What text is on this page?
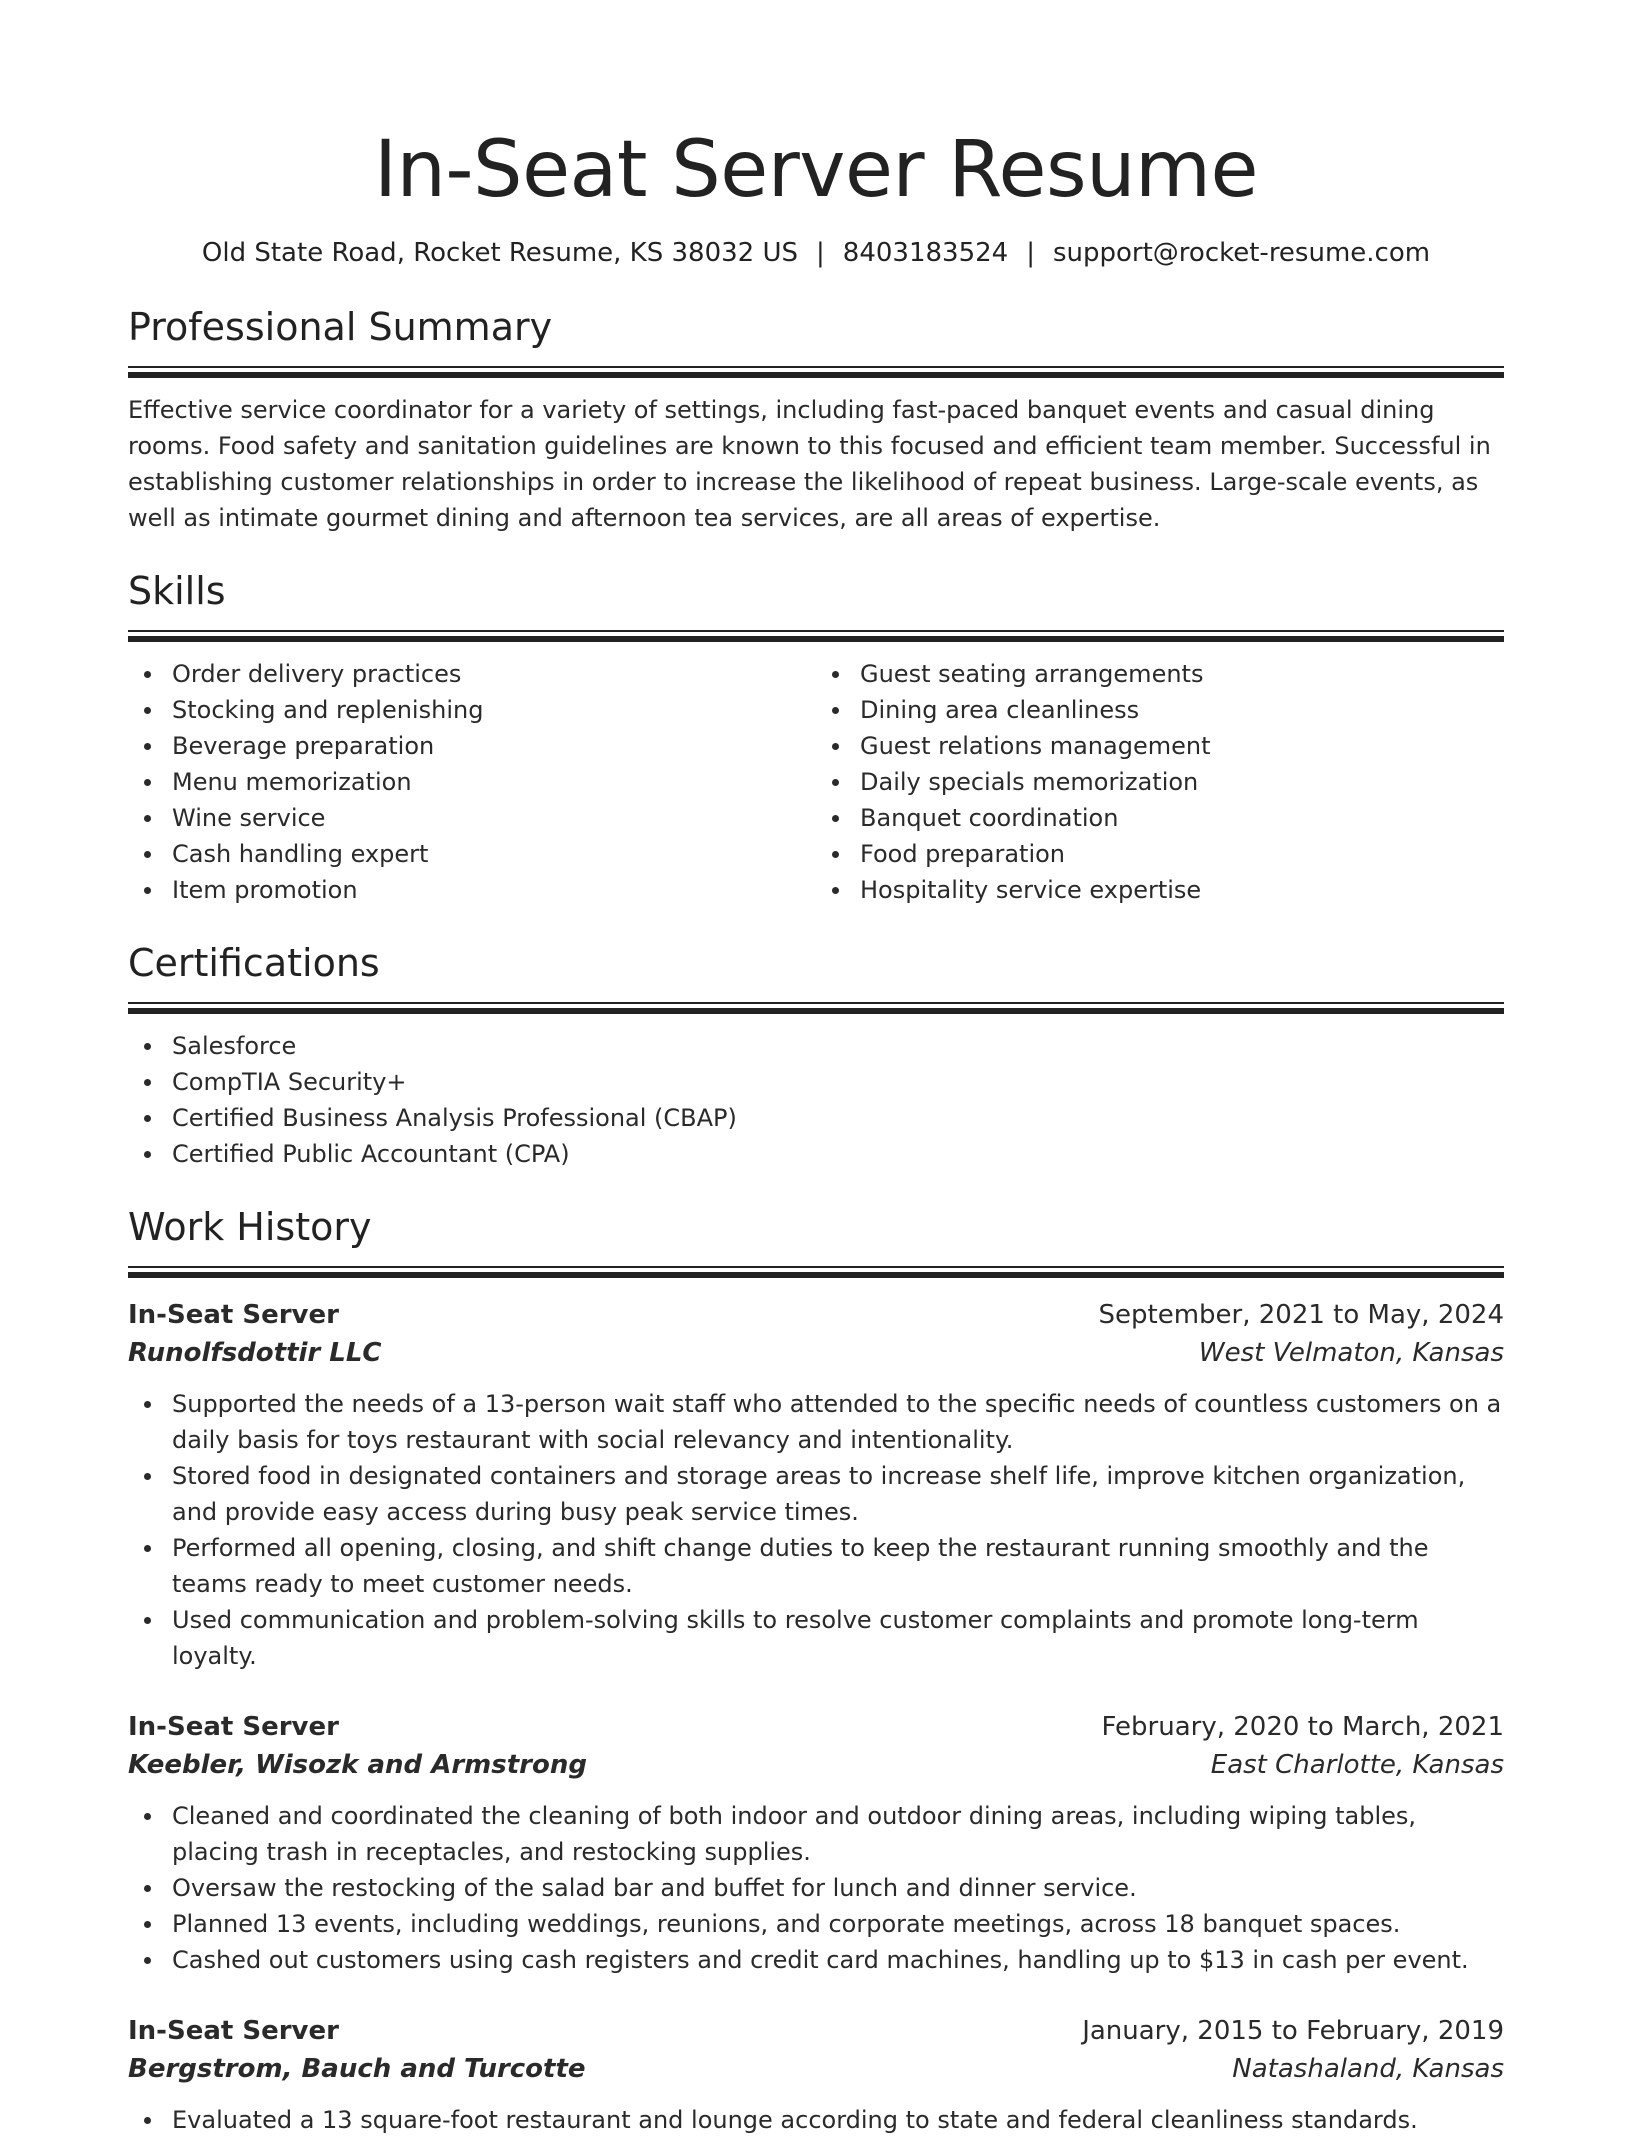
In-Seat Server Resume
Old State Road, Rocket Resume, KS 38032 US | 8403183524 | support@rocket-resume.com
Professional Summary
Effective service coordinator for a variety of settings, including fast-paced banquet events and casual dining rooms. Food safety and sanitation guidelines are known to this focused and efficient team member. Successful in establishing customer relationships in order to increase the likelihood of repeat business. Large-scale events, as well as intimate gourmet dining and afternoon tea services, are all areas of expertise.
Skills
Order delivery practices
Stocking and replenishing
Beverage preparation
Menu memorization
Wine service
Cash handling expert
Item promotion
Guest seating arrangements
Dining area cleanliness
Guest relations management
Daily specials memorization
Banquet coordination
Food preparation
Hospitality service expertise
Certifications
Salesforce
CompTIA Security+
Certified Business Analysis Professional (CBAP)
Certified Public Accountant (CPA)
Work History
In-Seat Server	September, 2021 to May, 2024
Runolfsdottir LLC	West Velmaton, Kansas
Supported the needs of a 13-person wait staff who attended to the specific needs of countless customers on a daily basis for toys restaurant with social relevancy and intentionality.
Stored food in designated containers and storage areas to increase shelf life, improve kitchen organization, and provide easy access during busy peak service times.
Performed all opening, closing, and shift change duties to keep the restaurant running smoothly and the teams ready to meet customer needs.
Used communication and problem-solving skills to resolve customer complaints and promote long-term loyalty.
In-Seat Server	February, 2020 to March, 2021
Keebler, Wisozk and Armstrong	East Charlotte, Kansas
Cleaned and coordinated the cleaning of both indoor and outdoor dining areas, including wiping tables, placing trash in receptacles, and restocking supplies.
Oversaw the restocking of the salad bar and buffet for lunch and dinner service.
Planned 13 events, including weddings, reunions, and corporate meetings, across 18 banquet spaces.
Cashed out customers using cash registers and credit card machines, handling up to $13 in cash per event.
In-Seat Server	January, 2015 to February, 2019
Bergstrom, Bauch and Turcotte	Natashaland, Kansas
Evaluated a 13 square-foot restaurant and lounge according to state and federal cleanliness standards.
